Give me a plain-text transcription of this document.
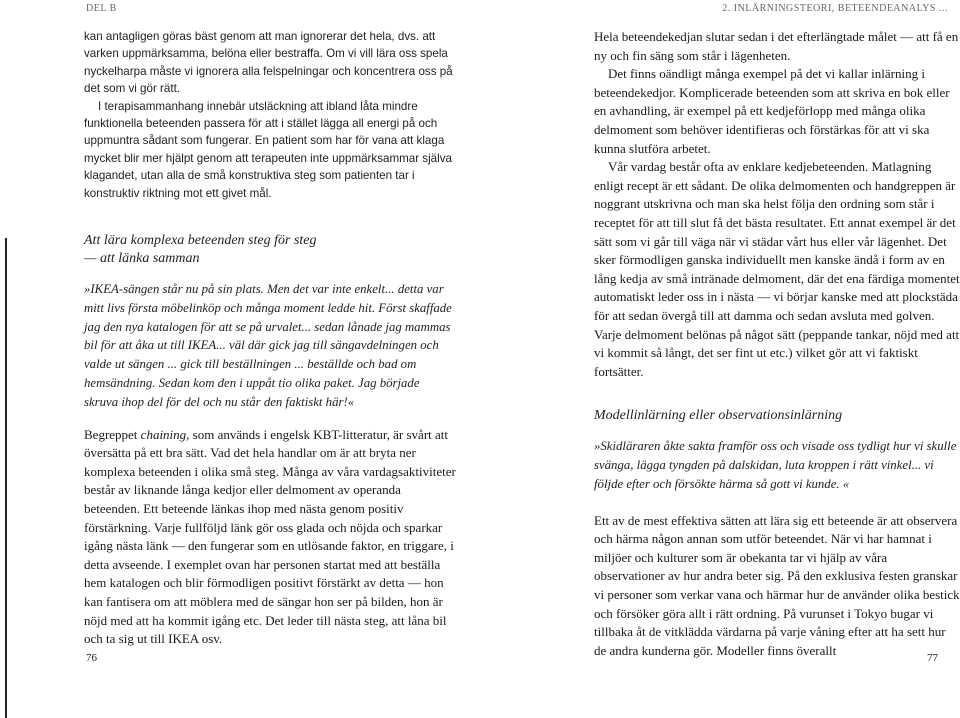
DEL B

kan antagligen göras bäst genom att man ignorerar det hela, dvs. att varken uppmärksamma, belöna eller bestraffa. Om vi vill lära oss spela nyckelharpa måste vi ignorera alla felspelningar och koncentrera oss på det som vi gör rätt.

I terapisammanhang innebär utsläckning att ibland låta mindre funktionella beteenden passera för att i stället lägga all energi på och uppmuntra sådant som fungerar. En patient som har för vana att klaga mycket blir mer hjälpt genom att terapeuten inte uppmärksammar själva klagandet, utan alla de små konstruktiva steg som patienten tar i konstruktiv riktning mot ett givet mål.

Att lära komplexa beteenden steg för steg

— att länka samman

»IKEA-sängen står nu på sin plats. Men det var inte enkelt... detta var mitt livs första möbelinköp och många moment ledde hit. Först skaffade jag den nya katalogen för att se på urvalet... sedan lånade jag mammas bil för att åka ut till IKEA... väl där gick jag till sängavdelningen och valde ut sängen ... gick till beställningen ... beställde och bad om hemsändning. Sedan kom den i uppåt tio olika paket. Jag började skruva ihop del för del och nu står den faktiskt här!«

Begreppet chaining, som används i engelsk KBT-litteratur, är svårt att översätta på ett bra sätt. Vad det hela handlar om är att bryta ner komplexa beteenden i olika små steg. Många av våra vardagsaktiviteter består av liknande långa kedjor eller delmoment av operanda beteenden. Ett beteende länkas ihop med nästa genom positiv förstärkning. Varje fullföljd länk gör oss glada och nöjda och sparkar igång nästa länk — den fungerar som en utlösande faktor, en triggare, i detta avseende. I exemplet ovan har personen startat med att beställa hem katalogen och blir förmodligen positivt förstärkt av detta — hon kan fantisera om att möblera med de sängar hon ser på bilden, hon är nöjd med att ha kommit igång etc. Det leder till nästa steg, att låna bil och ta sig ut till IKEA osv.

76
2. INLÄRNINGSTEORI, BETEENDEANALYS ...

Hela beteendekedjan slutar sedan i det efterlängtade målet — att få en ny och fin säng som står i lägenheten.

Det finns oändligt många exempel på det vi kallar inlärning i beteendekedjor. Komplicerade beteenden som att skriva en bok eller en avhandling, är exempel på ett kedjeförlopp med många olika delmoment som behöver identifieras och förstärkas för att vi ska kunna slutföra arbetet.

Vår vardag består ofta av enklare kedjebeteenden. Matlagning enligt recept är ett sådant. De olika delmomenten och handgreppen är noggrant utskrivna och man ska helst följa den ordning som står i receptet för att till slut få det bästa resultatet. Ett annat exempel är det sätt som vi går till väga när vi städar vårt hus eller vår lägenhet. Det sker förmodligen ganska individuellt men kanske ändå i form av en lång kedja av små intränade delmoment, där det ena färdiga momentet automatiskt leder oss in i nästa — vi börjar kanske med att plockstäda för att sedan övergå till att damma och sedan avsluta med golven. Varje delmoment belönas på något sätt (peppande tankar, nöjd med att vi kommit så långt, det ser fint ut etc.) vilket gör att vi faktiskt fortsätter.

Modellinlärning eller observationsinlärning

»Skidläraren åkte sakta framför oss och visade oss tydligt hur vi skulle svänga, lägga tyngden på dalskidan, luta kroppen i rätt vinkel... vi följde efter och försökte härma så gott vi kunde. «

Ett av de mest effektiva sätten att lära sig ett beteende är att observera och härma någon annan som utför beteendet. När vi har hamnat i miljöer och kulturer som är obekanta tar vi hjälp av våra observationer av hur andra beter sig. På den exklusiva festen granskar vi personer som verkar vana och härmar hur de använder olika bestick och försöker göra allt i rätt ordning. På vurunset i Tokyo bugar vi tillbaka åt de vitklädda värdarna på varje våning efter att ha sett hur de andra kunderna gör. Modeller finns överallt

77
